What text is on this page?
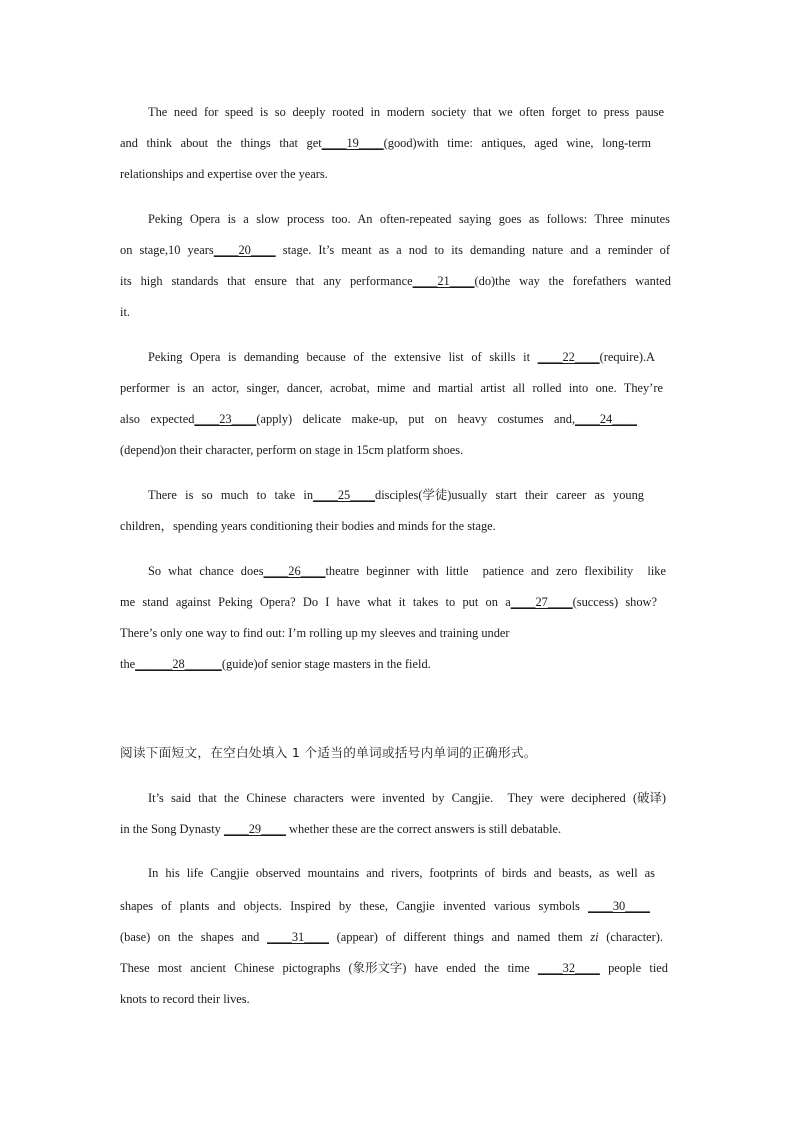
The need for speed is so deeply rooted in modern society that we often forget to press pause
and think about the things that get____19____(good)with time: antiques, aged wine, long-term
relationships and expertise over the years.
Peking Opera is a slow process too. An often-repeated saying goes as follows: Three minutes
on stage,10 years____20____ stage. It’s meant as a nod to its demanding nature and a reminder of
its high standards that ensure that any performance____21____(do)the way the forefathers wanted
it.
Peking Opera is demanding because of the extensive list of skills it ____22____(require).A
performer is an actor, singer, dancer, acrobat, mime and martial artist all rolled into one. They’re
also expected____23____(apply) delicate make-up, put on heavy costumes and,____24____
(depend)on their character, perform on stage in 15cm platform shoes.
There is so much to take in____25____disciples(学徒)usually start their career as young
children，spending years conditioning their bodies and minds for the stage.
So what chance does____26____theatre beginner with little  patience and zero flexibility  like
me stand against Peking Opera? Do I have what it takes to put on a____27____(success) show?
There’s only one way to find out: I’m rolling up my sleeves and training under
the______28______(guide)of senior stage masters in the field.
阅读下面短文，在空白处填入 1 个适当的单词或括号内单词的正确形式。
It’s said that the Chinese characters were invented by Cangjie.  They were deciphered (破译)
in the Song Dynasty ____29____ whether these are the correct answers is still debatable.
In his life Cangjie observed mountains and rivers, footprints of birds and beasts, as well as
shapes of plants and objects. Inspired by these, Cangjie invented various symbols ____30____
(base) on the shapes and ____31____ (appear) of different things and named them zi (character).
These most ancient Chinese pictographs (象形文字) have ended the time ____32____ people tied
knots to record their lives.
